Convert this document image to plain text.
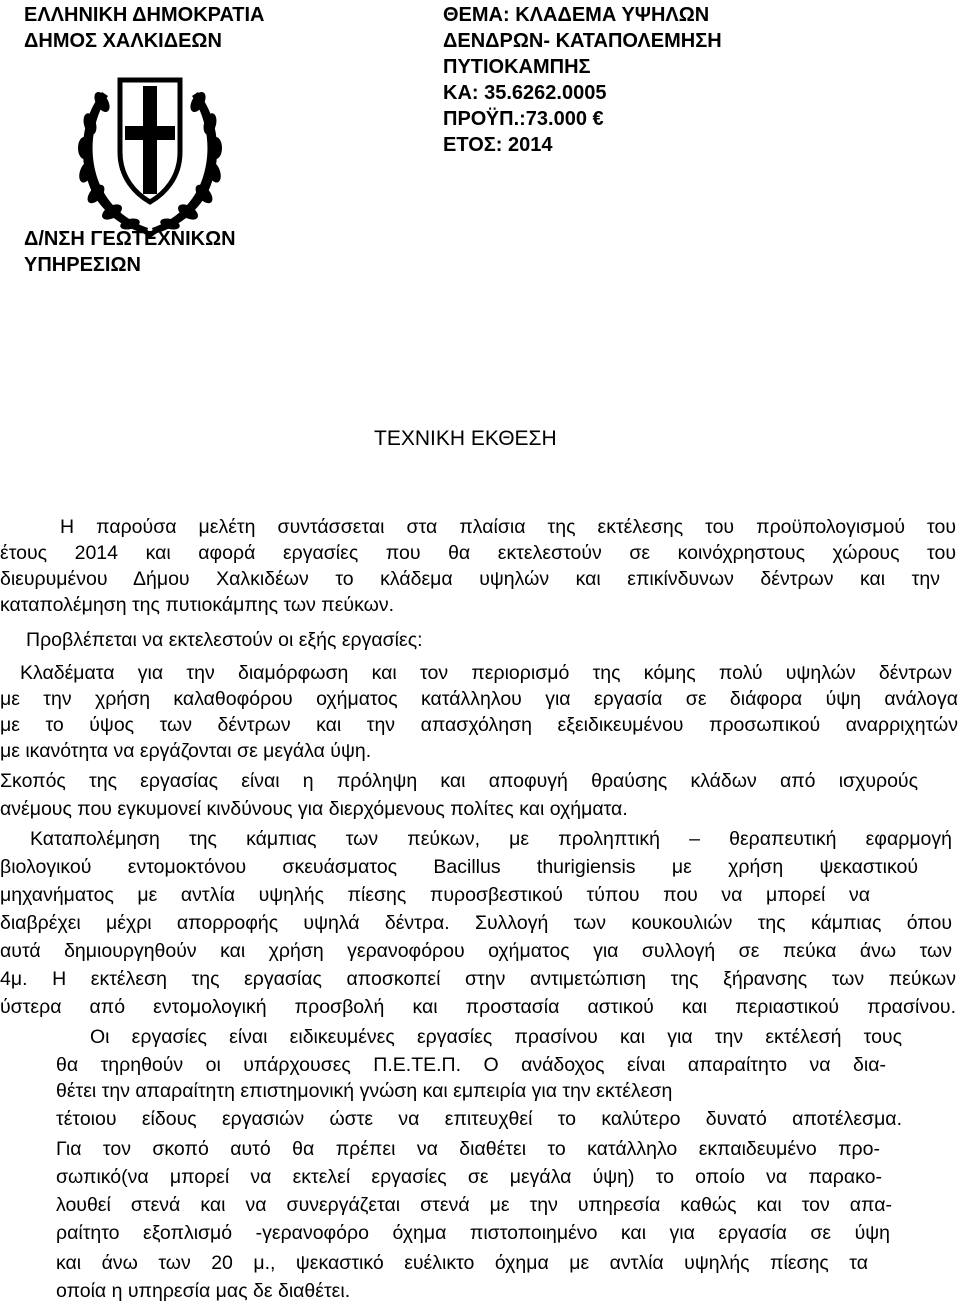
ΕΛΛΗΝΙΚΗ ΔΗΜΟΚΡΑΤΙΑ
ΔΗΜΟΣ ΧΑΛΚΙΔΕΩΝ
ΘΕΜΑ: ΚΛΑΔΕΜΑ ΥΨΗΛΩΝ
ΔΕΝΔΡΩΝ- ΚΑΤΑΠΟΛΕΜΗΣΗ
ΠΥΤΙΟΚΑΜΠΗΣ
ΚΑ: 35.6262.0005
ΠΡΟΫΠ.:73.000 €
ΕΤΟΣ: 2014
Δ/ΝΣΗ ΓΕΩΤΕΧΝΙΚΩΝ
ΥΠΗΡΕΣΙΩΝ
ΤΕΧΝΙΚΗ ΕΚΘΕΣΗ
Η παρούσα μελέτη συντάσσεται στα πλαίσια της εκτέλεσης του προϋπολογισμού του
έτους 2014 και αφορά εργασίες που θα εκτελεστούν σε κοινόχρηστους χώρους του
διευρυμένου Δήμου Χαλκιδέων το κλάδεμα υψηλών και επικίνδυνων δέντρων και την
καταπολέμηση της πυτιοκάμπης των πεύκων.
Προβλέπεται να εκτελεστούν οι εξής εργασίες:
Κλαδέματα για την διαμόρφωση και τον περιορισμό της κόμης πολύ υψηλών δέντρων
με την χρήση καλαθοφόρου οχήματος κατάλληλου για εργασία σε διάφορα ύψη ανάλογα
με το ύψος των δέντρων και την απασχόληση εξειδικευμένου προσωπικού αναρριχητών
με ικανότητα να εργάζονται σε μεγάλα ύψη.
Σκοπός της εργασίας είναι η πρόληψη και αποφυγή θραύσης κλάδων από ισχυρούς
ανέμους που εγκυμονεί κινδύνους για διερχόμενους πολίτες και οχήματα.
Καταπολέμηση της κάμπιας των πεύκων, με προληπτική – θεραπευτική εφαρμογή
βιολογικού εντομοκτόνου σκευάσματος Bacillus thurigiensis με χρήση ψεκαστικού
μηχανήματος με αντλία υψηλής πίεσης πυροσβεστικού τύπου που να μπορεί να
διαβρέχει μέχρι απορροφής υψηλά δέντρα. Συλλογή των κουκουλιών της κάμπιας όπου
αυτά δημιουργηθούν και χρήση γερανοφόρου οχήματος για συλλογή σε πεύκα άνω των
4μ. Η εκτέλεση της εργασίας αποσκοπεί στην αντιμετώπιση της ξήρανσης των πεύκων
ύστερα από εντομολογική προσβολή και προστασία αστικού και περιαστικού πρασίνου.
Οι εργασίες είναι ειδικευμένες εργασίες πρασίνου και για την εκτέλεσή τους
θα τηρηθούν οι υπάρχουσες Π.Ε.ΤΕ.Π. Ο ανάδοχος είναι απαραίτητο να δια-
θέτει την απαραίτητη επιστημονική γνώση και εμπειρία για την εκτέλεση
τέτοιου είδους εργασιών ώστε να επιτευχθεί το καλύτερο δυνατό αποτέλεσμα.
Για τον σκοπό αυτό θα πρέπει να διαθέτει το κατάλληλο εκπαιδευμένο προ-
σωπικό(να μπορεί να εκτελεί εργασίες σε μεγάλα ύψη) το οποίο να παρακο-
λουθεί στενά και να συνεργάζεται στενά με την υπηρεσία καθώς και τον απα-
ραίτητο εξοπλισμό -γερανοφόρο όχημα πιστοποιημένο και για εργασία σε ύψη
και άνω των 20 μ., ψεκαστικό ευέλικτο όχημα με αντλία υψηλής πίεσης τα
οποία η υπηρεσία μας δε διαθέτει.
